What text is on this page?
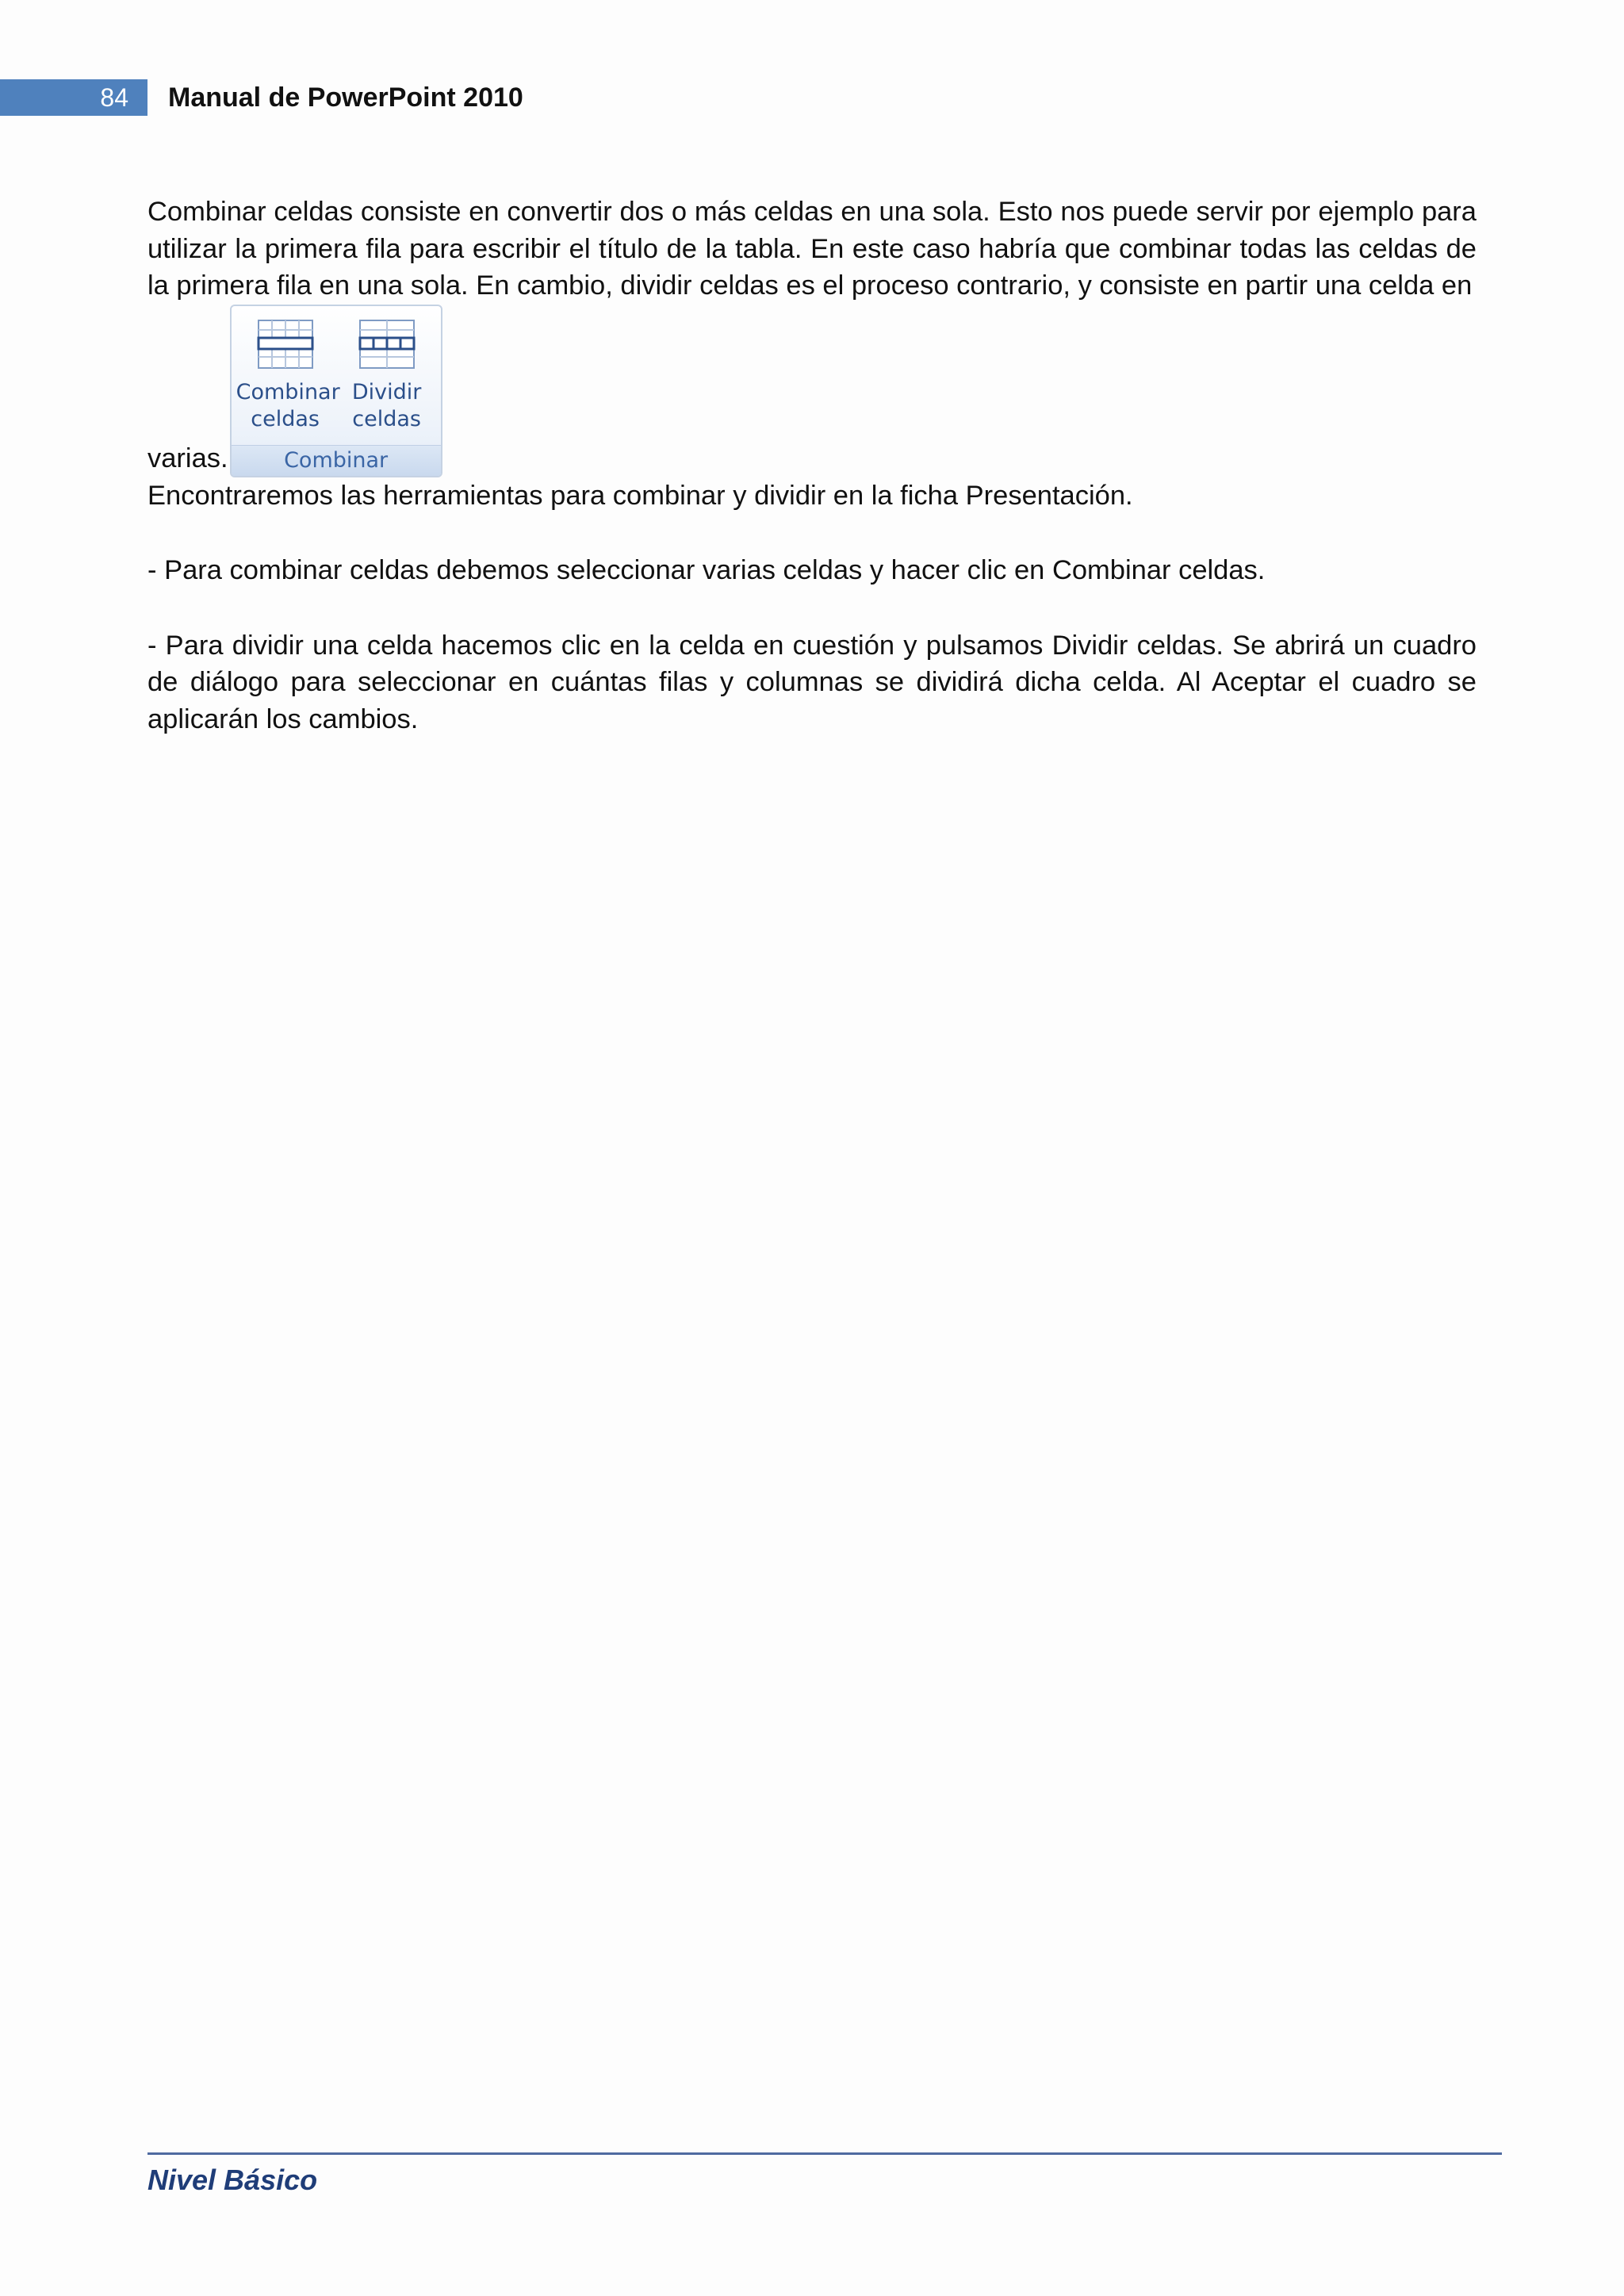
84	Manual de PowerPoint 2010

Combinar celdas consiste en convertir dos o más celdas en una sola. Esto nos puede servir por ejemplo para utilizar la primera fila para escribir el título de la tabla. En este caso habría que combinar todas las celdas de la primera fila en una sola. En cambio, dividir celdas es el proceso contrario, y consiste en partir una celda en

varias.
Combinar
celdas
Dividir
celdas
Combinar

Encontraremos las herramientas para combinar y dividir en la ficha Presentación.

- Para combinar celdas debemos seleccionar varias celdas y hacer clic en Combinar celdas.

- Para dividir una celda hacemos clic en la celda en cuestión y pulsamos Dividir celdas. Se abrirá un cuadro de diálogo para seleccionar en cuántas filas y columnas se dividirá dicha celda. Al Aceptar el cuadro se aplicarán los cambios.

Nivel Básico
